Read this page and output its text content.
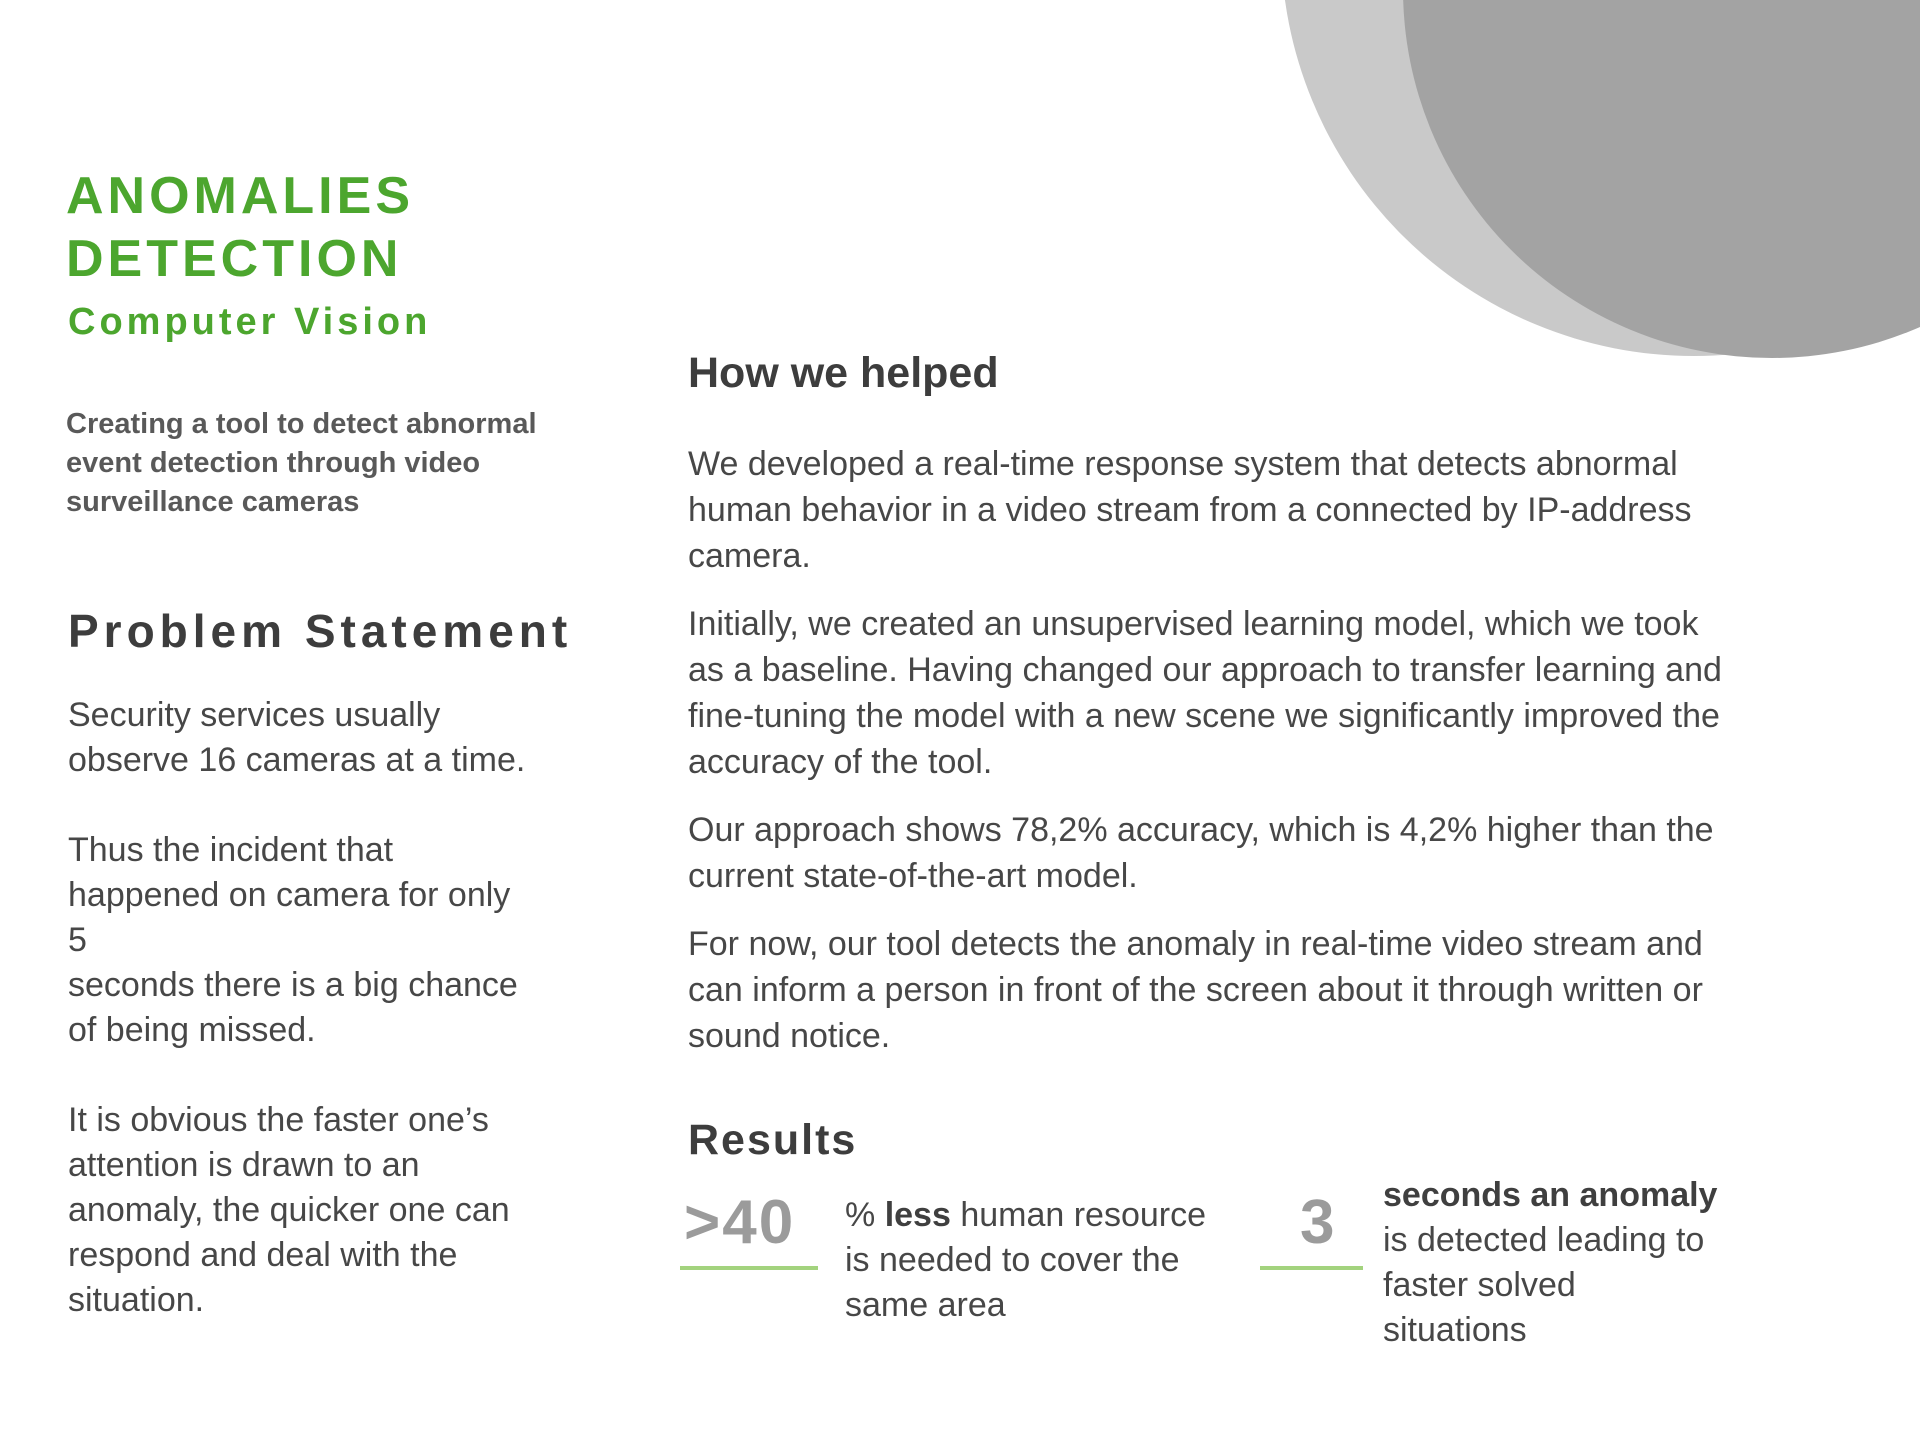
ANOMALIES
DETECTION
Computer Vision
Creating a tool to detect abnormal
event detection through video
surveillance cameras
Problem Statement
Security services usually
observe 16 cameras at a time.
Thus the incident that
happened on camera for only 5
seconds there is a big chance
of being missed.
It is obvious the faster one’s
attention is drawn to an
anomaly, the quicker one can
respond and deal with the
situation.
How we helped
We developed a real-time response system that detects abnormal
human behavior in a video stream from a connected by IP-address
camera.
Initially, we created an unsupervised learning model, which we took
as a baseline. Having changed our approach to transfer learning and
fine-tuning the model with a new scene we significantly improved the
accuracy of the tool.
Our approach shows 78,2% accuracy, which is 4,2% higher than the
current state-of-the-art model.
For now, our tool detects the anomaly in real-time video stream and
can inform a person in front of the screen about it through written or
sound notice.
Results
>40 % less human resource
is needed to cover the
same area
3 seconds an anomaly
is detected leading to
faster solved
situations
